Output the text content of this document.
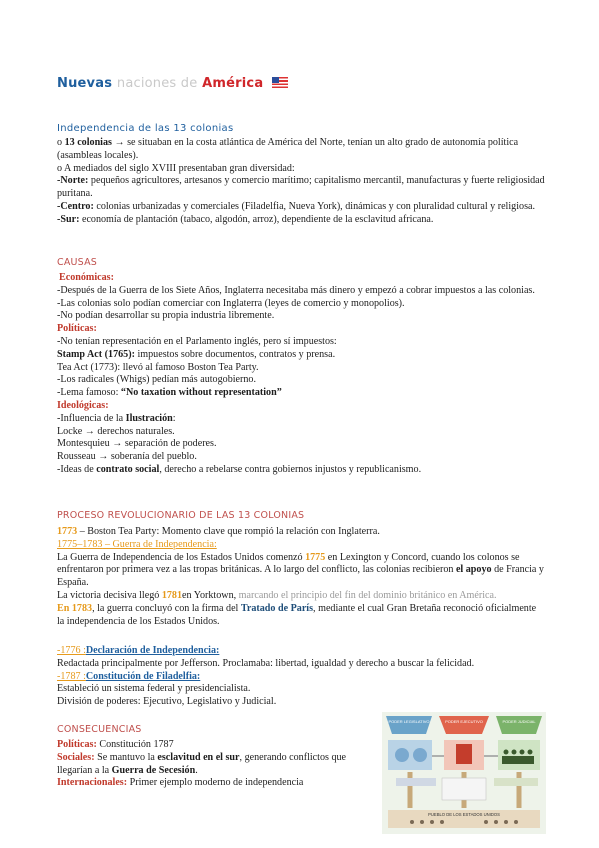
Nuevas naciones de América
Independencia de las 13 colonias

o 13 colonias → se situaban en la costa atlántica de América del Norte, tenían un alto grado de autonomía política (asambleas locales).

o A mediados del siglo XVIII presentaban gran diversidad:

-Norte: pequeños agricultores, artesanos y comercio marítimo; capitalismo mercantil, manufacturas y fuerte religiosidad puritana.

-Centro: colonias urbanizadas y comerciales (Filadelfia, Nueva York), dinámicas y con pluralidad cultural y religiosa.

-Sur: economía de plantación (tabaco, algodón, arroz), dependiente de la esclavitud africana.

CAUSAS

Económicas:

-Después de la Guerra de los Siete Años, Inglaterra necesitaba más dinero y empezó a cobrar impuestos a las colonias.

-Las colonias solo podían comerciar con Inglaterra (leyes de comercio y monopolios).

-No podían desarrollar su propia industria libremente.

Políticas:

-No tenían representación en el Parlamento inglés, pero sí impuestos:

Stamp Act (1765): impuestos sobre documentos, contratos y prensa.

Tea Act (1773): llevó al famoso Boston Tea Party.

-Los radicales (Whigs) pedían más autogobierno.

-Lema famoso: “No taxation without representation”

Ideológicas:

-Influencia de la Ilustración:

Locke → derechos naturales.

Montesquieu → separación de poderes.

Rousseau → soberanía del pueblo.

-Ideas de contrato social, derecho a rebelarse contra gobiernos injustos y republicanismo.

PROCESO REVOLUCIONARIO DE LAS 13 COLONIAS

1773 – Boston Tea Party: Momento clave que rompió la relación con Inglaterra.

1775–1783 – Guerra de Independencia:

La Guerra de Independencia de los Estados Unidos comenzó 1775 en Lexington y Concord, cuando los colonos se enfrentaron por primera vez a las tropas británicas. A lo largo del conflicto, las colonias recibieron el apoyo de Francia y España.

La victoria decisiva llegó 1781en Yorktown, marcando el principio del fin del dominio británico en América.

En 1783, la guerra concluyó con la firma del Tratado de París, mediante el cual Gran Bretaña reconoció oficialmente la independencia de los Estados Unidos.

-1776 :Declaración de Independencia:

Redactada principalmente por Jefferson. Proclamaba: libertad, igualdad y derecho a buscar la felicidad.

-1787 :Constitución de Filadelfia:

Estableció un sistema federal y presidencialista.

División de poderes: Ejecutivo, Legislativo y Judicial.

CONSECUENCIAS

Políticas: Constitución 1787

Sociales: Se mantuvo la esclavitud en el sur, generando conflictos que llegarían a la Guerra de Secesión.

Internacionales: Primer ejemplo moderno de independencia

PODER LEGISLATIVO	PODER EJECUTIVO	PODER JUDICIAL
PUEBLO DE LOS ESTADOS UNIDOS
